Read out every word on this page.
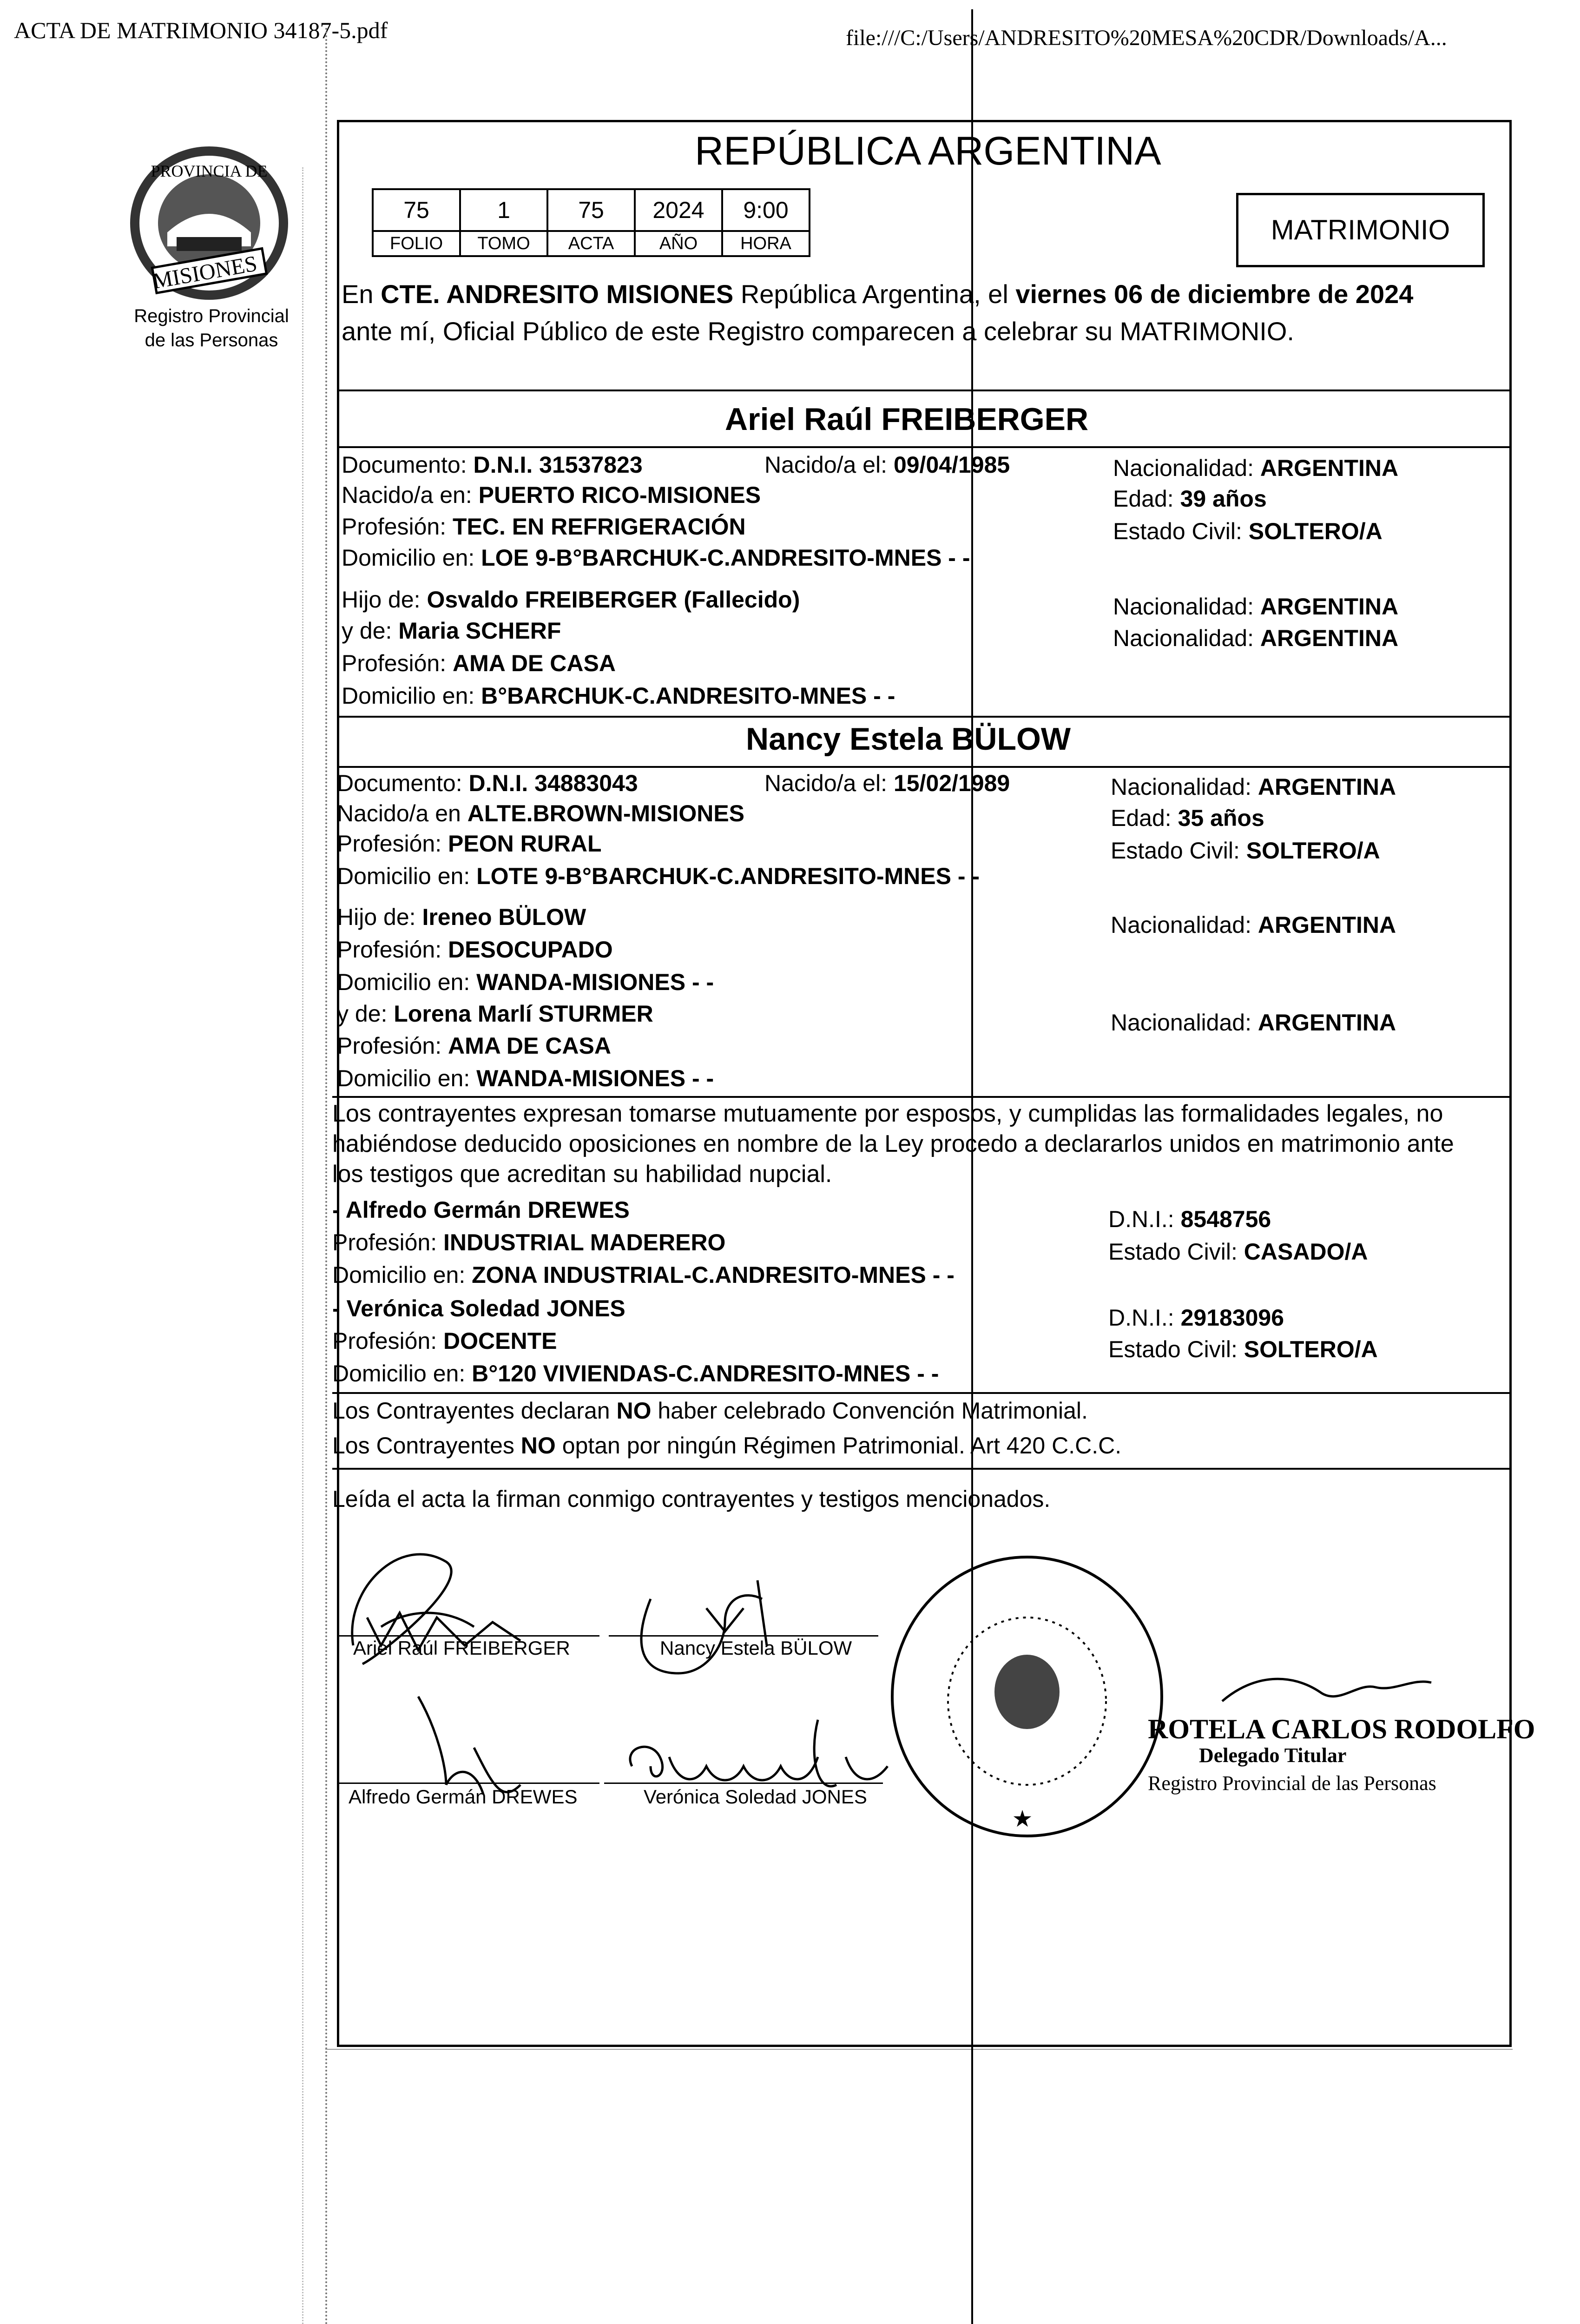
ACTA DE MATRIMONIO 34187-5.pdf	file:///C:/Users/ANDRESITO%20MESA%20CDR/Downloads/A...
MISIONES
PROVINCIA DE
Registro Provincial
de las Personas
REPÚBLICA ARGENTINA
75	1	75	2024	9:00
FOLIO	TOMO	ACTA	AÑO	HORA	MATRIMONIO
En CTE. ANDRESITO MISIONES República Argentina, el viernes 06 de diciembre de 2024
ante mí, Oficial Público de este Registro comparecen a celebrar su MATRIMONIO.
Ariel Raúl FREIBERGER
Documento: D.N.I. 31537823	Nacido/a el: 09/04/1985	Nacionalidad: ARGENTINA
Nacido/a en: PUERTO RICO-MISIONES	Edad: 39 años
Profesión: TEC. EN REFRIGERACIÓN	Estado Civil: SOLTERO/A
Domicilio en: LOE 9-B°BARCHUK-C.ANDRESITO-MNES - -
Hijo de: Osvaldo FREIBERGER (Fallecido)	Nacionalidad: ARGENTINA
y de: Maria SCHERF	Nacionalidad: ARGENTINA
Profesión: AMA DE CASA
Domicilio en: B°BARCHUK-C.ANDRESITO-MNES - -
Nancy Estela BÜLOW
Documento: D.N.I. 34883043	Nacido/a el: 15/02/1989	Nacionalidad: ARGENTINA
Nacido/a en ALTE.BROWN-MISIONES	Edad: 35 años
Profesión: PEON RURAL	Estado Civil: SOLTERO/A
Domicilio en: LOTE 9-B°BARCHUK-C.ANDRESITO-MNES - -
Hijo de: Ireneo BÜLOW	Nacionalidad: ARGENTINA
Profesión: DESOCUPADO
Domicilio en: WANDA-MISIONES - -
y de: Lorena Marlí STURMER	Nacionalidad: ARGENTINA
Profesión: AMA DE CASA
Domicilio en: WANDA-MISIONES - -
Los contrayentes expresan tomarse mutuamente por esposos, y cumplidas las formalidades legales, no
habiéndose deducido oposiciones en nombre de la Ley procedo a declararlos unidos en matrimonio ante
los testigos que acreditan su habilidad nupcial.
- Alfredo Germán DREWES
Profesión: INDUSTRIAL MADERERO
Domicilio en: ZONA INDUSTRIAL-C.ANDRESITO-MNES - -
D.N.I.: 8548756
Estado Civil: CASADO/A
- Verónica Soledad JONES
Profesión: DOCENTE
Domicilio en: B°120 VIVIENDAS-C.ANDRESITO-MNES - -
D.N.I.: 29183096
Estado Civil: SOLTERO/A
Los Contrayentes declaran NO haber celebrado Convención Matrimonial.
Los Contrayentes NO optan por ningún Régimen Patrimonial. Art 420 C.C.C.
Leída el acta la firman conmigo contrayentes y testigos mencionados.
Ariel Raúl FREIBERGER	Nancy Estela BÜLOW
Alfredo Germán DREWES	Verónica Soledad JONES
★
ROTELA CARLOS RODOLFO
Delegado Titular
Registro Provincial de las Personas
